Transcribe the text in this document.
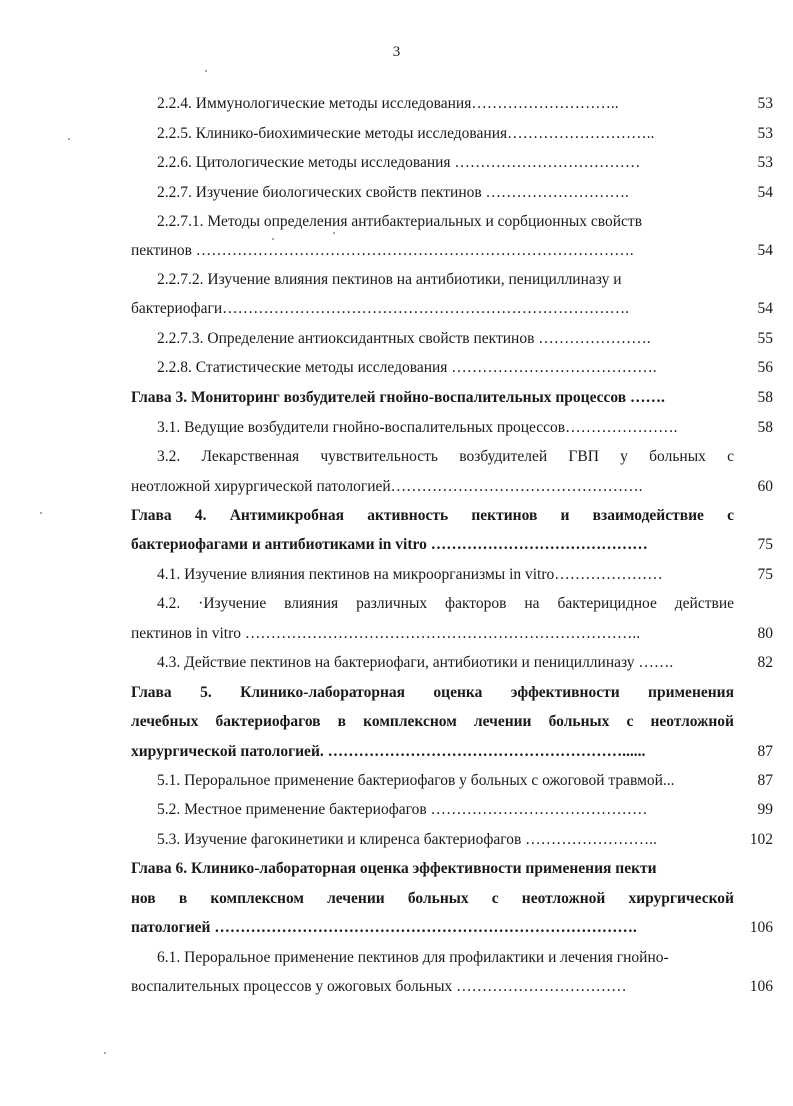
3
2.2.4. Иммунологические методы исследования………………………..	53
2.2.5. Клинико-биохимические методы исследования………………………..	53
2.2.6. Цитологические методы исследования ………………………………	53
2.2.7. Изучение биологических свойств пектинов ……………………….	54
2.2.7.1. Методы определения антибактериальных и сорбционных свойств
пектинов ………………………………………………………………………….	54
2.2.7.2. Изучение влияния пектинов на антибиотики, пенициллиназу и
бактериофаги…………………………………………………………………….	54
2.2.7.3. Определение антиоксидантных свойств пектинов ………………….	55
2.2.8. Статистические методы исследования ………………………………….	56
Глава 3. Мониторинг возбудителей гнойно-воспалительных процессов …….	58
3.1. Ведущие возбудители гнойно-воспалительных процессов………………….	58
3.2. Лекарственная чувствительность возбудителей ГВП у больных с
неотложной хирургической патологией………………………………………….	60
Глава 4. Антимикробная активность пектинов и взаимодействие с
бактериофагами и антибиотиками in vitro ……………………………………	75
4.1. Изучение влияния пектинов на микроорганизмы in vitro…………………	75
4.2. ·Изучение влияния различных факторов на бактерицидное действие
пектинов in vitro …………………………………………………………………..	80
4.3. Действие пектинов на бактериофаги, антибиотики и пенициллиназу …….	82
Глава 5. Клинико-лабораторная оценка эффективности применения
лечебных бактериофагов в комплексном лечении больных с неотложной
хирургической патологией. …………………………………………………......	87
5.1. Пероральное применение бактериофагов у больных с ожоговой травмой...	87
5.2. Местное применение бактериофагов ……………………………………	99
5.3. Изучение фагокинетики и клиренса бактериофагов ……………………..	102
Глава 6. Клинико-лабораторная оценка эффективности применения пекти
нов в комплексном лечении больных с неотложной хирургической
патологией ……………………………………………………………………….	106
6.1. Пероральное применение пектинов для профилактики и лечения гнойно-
воспалительных процессов у ожоговых больных ……………………………	106
